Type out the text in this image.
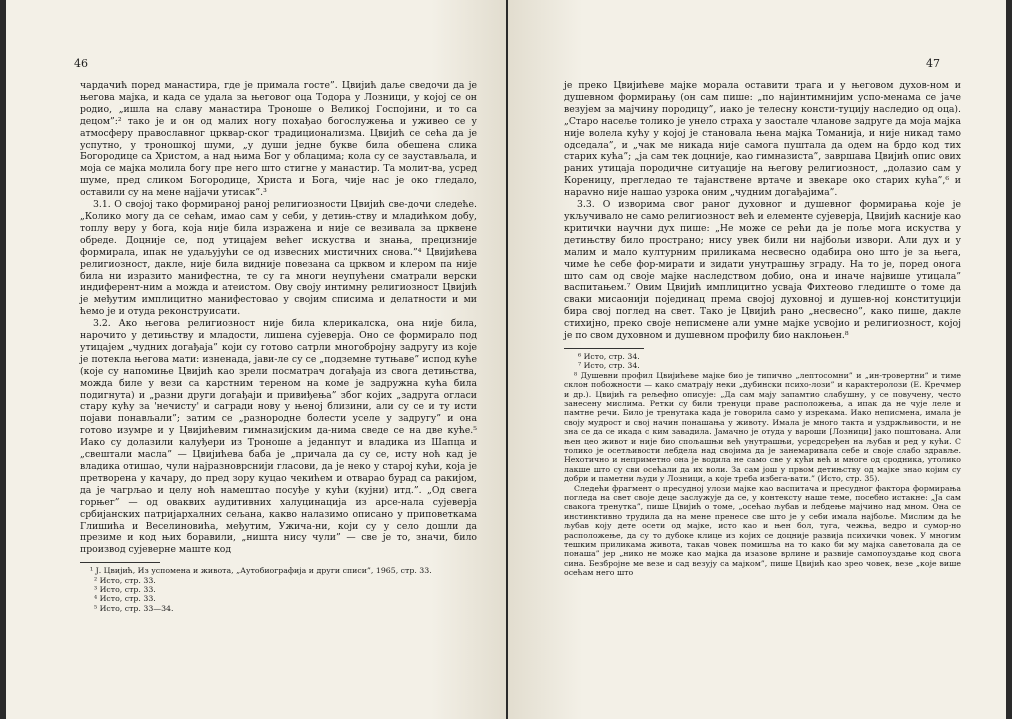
46

чардачић поред манастира, где је примала госте”. Цвијић даље сведочи да је његова мајка, и када се удала за његовог оца Тодора у Лозници, у којој се он родио, „ишла на славу манастира Троноше о Великој Госпојини, и то са децом”:² тако је и он од малих ногу похађао богослужења и уживео се у атмосферу православног црквар-ског традиционализма. Цвијић се сећа да је успутно, у троношкој шуми, „у души једне букве била обешена слика Богородице са Христом, а над њима Бог у облацима; кола су се заустављала, и моја се мајка молила богу пре него што стигне у манастир. Та молит-ва, усред шуме, пред сликом Богородице, Христа и Бога, чије нас је око гледало, оставили су на мене најјачи утисак”.³

3.1. О својој тако формираној раној религиозности Цвијић све-дочи следеће. „Колико могу да се сећам, имао сам у себи, у детињ-ству и младићком добу, топлу веру у бога, која није била изражена и није се везивала за црквене обреде. Доцније се, под утицајем већег искуства и знања, прецизније формирала, ипак не удаљујући се од извесних мистичних снова.”⁴ Цвијићева религиозност, дакле, није била видније повезана са црквом и клером па није била ни изразито манифестна, те су га многи неупућени сматрали верски индиферент-ним а можда и атеистом. Ову своју интимну религиозност Цвијић је међутим имплицитно манифестовао у својим списима и делатности и ми ћемо је и отуда реконструисати.

3.2. Ако његова религиозност није била клерикалска, она није била, нарочито у детињству и младости, лишена сујеверја. Оно се формирало под утицајем „чудних догађаја” који су готово сатрли многобројну задругу из које је потекла његова мати: изненада, јави-ле су се „подземне тутњаве” испод куће (које су напомиње Цвијић као зрели посматрач догађаја из свога детињства, можда биле у вези са карстним тереном на коме је задружна кућа била подигнута) и „разни други догађаји и привиђења” због којих „задруга огласи стару кућу за 'нечисту' и сагради нову у њеној близини, али су се и ту исти појави понављали”; затим се „разнородне болести уселе у задругу” и она готово изумре и у Цвијићевим гимназијским да-нима сведе се на две куће.⁵ Иако су долазили калуђери из Троноше а једанпут и владика из Шапца и „свештали масла” — Цвијићева баба је „причала да су се, исту ноћ кад је владика отишао, чули најразноврснији гласови, да је неко у старој кући, која је претворена у качару, до пред зору куцао чекићем и отварао бурад са ракијом, да је чагрљао и целу ноћ намештао посуђе у кући (кујни) итд.”. „Од свега горњег” — од оваквих аудитивних халуцинација из арсе-нала сујеверја србијанских патријархалних сељана, какво налазимо описано у приповеткама Глишића и Веселиновића, међутим, Ужича-ни, који су у село дошли да презиме и код њих боравили, „ништа нису чули” — све је то, значи, било производ сујеверне маште код

¹ Ј. Цвијић, Из успомена и живота, „Аутобиографија и други списи”, 1965, стр. 33.

² Исто, стр. 33.

³ Исто, стр. 33.

⁴ Исто, стр. 33.

⁵ Исто, стр. 33—34.

47

је преко Цвијићеве мајке морала оставити трага и у његовом духов-ном и душевном формирању (он сам пише: „по најинтимнијим успо-менама се јаче везујем за мајчину породицу”, иако је телесну консти-туцију наследио од оца). „Старо насеље толико је унело страха у заостале чланове задруге да моја мајка није волела кућу у којој је становала њена мајка Томанија, и није никад тамо одседала”, и „чак ме никада није самога пуштала да одем на брдо код тих старих кућа”; „ја сам тек доцније, као гимназиста”, завршава Цвијић опис ових раних утицаја породичне ситуације на његову религиозност, „долазио сам у Кореницу, прегледао те тајанствене вртаче и звекаре око старих кућа”,⁶ и нарavно није нашао узрока оним „чудним догађајима”.

3.3. О изворима свог раног духовног и душевног формирања које је укључивало не само религиозност већ и елементе сујеверја, Цвијић касније као критички научни дух пише: „Не може се рећи да је поље мога искуства у детињству било пространo; нису увек били ни најбољи извори. Али дух и у малим и мало културним приликама несвесно одабира оно што је за њега, чиме ће себе фор-мирати и зидати унутрашњу зграду. На то је, поред онога што сам од своје мајке наследством добио, она и иначе највише утицала” васпитањем.⁷ Овим Цвијић имплицитно усваја Фихтеово гледиште о томе да сваки мисаонији појединац према својој духовној и душев-ној конституцији бира свој поглед на свет. Тако је Цвијић рано „несвесно”, како пише, дакле стихијно, преко своје неписмене али умне мајке усвојио и религиозност, којој је по свом духовном и душевном профилу био наклоњен.⁸

⁶ Исто, стр. 34.

⁷ Исто, стр. 34.

⁸ Душевни профил Цвијићеве мајке био је типично „лептосомни” и „ин-тровертни” и тиме склон побожности — како сматрају неки „дубински психо-лози” и карактеролози (Е. Кречмер и др.). Цвијић га рељефно описује: „Да сам мају запамтио слабушну, у се повучену, често занесену мислима. Ретки су били тренуци праве расположења, а ипак да не чује леле и памтне речи. Било је тренутака када је говорила само у изрекама. Иако неписмена, имала је своју мудрост и свој начин понашања у животу. Имала је много такта и уздржљивости, и не зна се да се икада с ким завадила. Јамачно је отуда у вароши [Лозници] јако поштована. Али њен цео живот и није био спољашњи већ унутрашњи, усредсређен на љубав и ред у кући. С толико је осетљивости лебдела над својима да је занемаривала себе и своје слабо здравље. Нехотично и непримeтно она је водила не само све у кући већ и многе од сродника, утолико лакше што су сви осећали да их воли. За сам још у првом детињству од мајке знао којим су добри и паметни људи у Лозници, а које треба избега-вати.” (Исто, стр. 35).

Следећи фрагмент о пресудној улози мајке као васпитача и пресудног фактора формирања погледа на свет своје деце заслужује да се, у контексту наше теме, посебно истакне: „Ја сам свакога тренутка”, пише Цвијић о томе, „осећао љубав и лебдење мајчино над мном. Она се инстинктивно трудила да на мене пренесе све што је у себи имала најбоље. Мислим да ће љубав коју дете осети од мајке, исто као и њен бол, туга, чежња, ведро и сумор-но расположење, да су то дубоке клице из којих се доцније развија психички човек. У многим тешким приликама живота, такав човек помишља на то како би му мајка саветовала да се понаша” јер „нико не може као мајка да изазове врлине и развије самопоуздање код свога сина. Безбројне ме везе и сад везују са мајком”, пише Цвијић као зрео човек, везе „које више осећам него што
